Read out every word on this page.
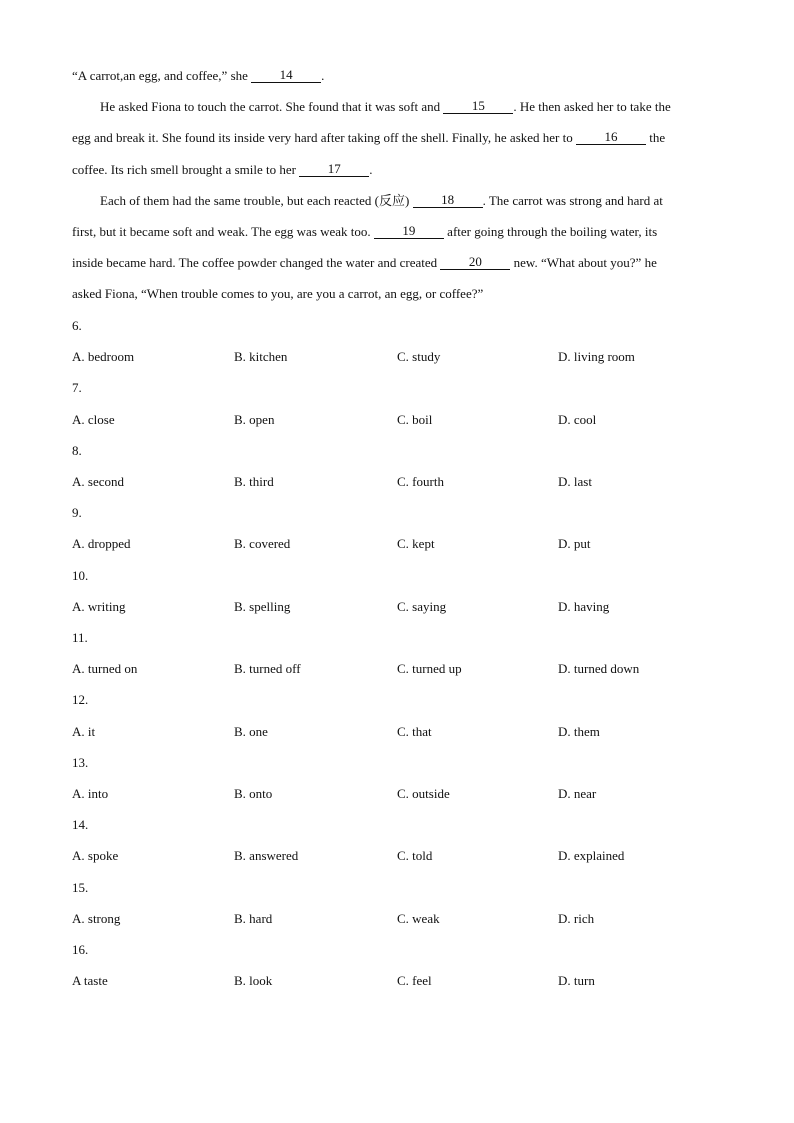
“A carrot,an egg, and coffee,” she 14 .
He asked Fiona to touch the carrot. She found that it was soft and 15 . He then asked her to take the
egg and break it. She found its inside very hard after taking off the shell. Finally, he asked her to 16 the
coffee. Its rich smell brought a smile to her 17 .
Each of them had the same trouble, but each reacted (反应) 18 . The carrot was strong and hard at
first, but it became soft and weak. The egg was weak too. 19 after going through the boiling water, its
inside became hard. The coffee powder changed the water and created 20 new. “What about you?” he
asked Fiona, “When trouble comes to you, are you a carrot, an egg, or coffee?”
6.
A. bedroom	B. kitchen	C. study	D. living room
7.
A. close	B. open	C. boil	D. cool
8.
A. second	B. third	C. fourth	D. last
9.
A. dropped	B. covered	C. kept	D. put
10.
A. writing	B. spelling	C. saying	D. having
11.
A. turned on	B. turned off	C. turned up	D. turned down
12.
A. it	B. one	C. that	D. them
13.
A. into	B. onto	C. outside	D. near
14.
A. spoke	B. answered	C. told	D. explained
15.
A. strong	B. hard	C. weak	D. rich
16.
A taste	B. look	C. feel	D. turn
